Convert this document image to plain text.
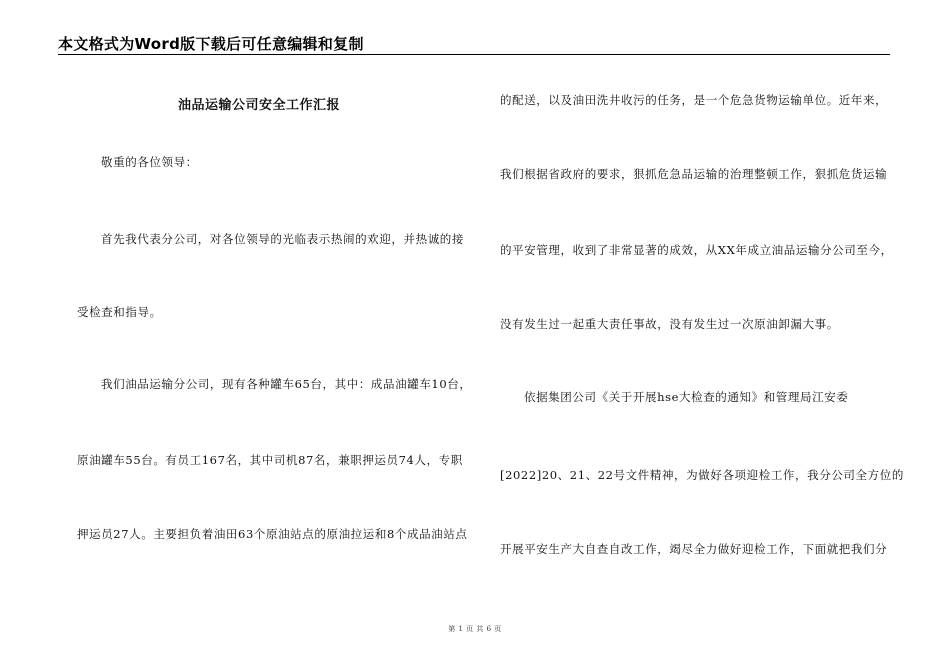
本文格式为Word版下载后可任意编辑和复制
油品运输公司安全工作汇报
敬重的各位领导：
首先我代表分公司，对各位领导的光临表示热闹的欢迎，并热诚的接
受检查和指导。
我们油品运输分公司，现有各种罐车65台，其中：成品油罐车10台，
原油罐车55台。有员工167名，其中司机87名，兼职押运员74人，专职
押运员27人。主要担负着油田63个原油站点的原油拉运和8个成品油站点
的配送，以及油田洗井收污的任务，是一个危急货物运输单位。近年来，
我们根据省政府的要求，狠抓危急品运输的治理整顿工作，狠抓危货运输
的平安管理，收到了非常显著的成效，从XX年成立油品运输分公司至今，
没有发生过一起重大责任事故，没有发生过一次原油卸漏大事。
依据集团公司《关于开展hse大检查的通知》和管理局江安委
[2022]20、21、22号文件精神，为做好各项迎检工作，我分公司全方位的
开展平安生产大自查自改工作，竭尽全力做好迎检工作，下面就把我们分
第 1 页 共 6 页
